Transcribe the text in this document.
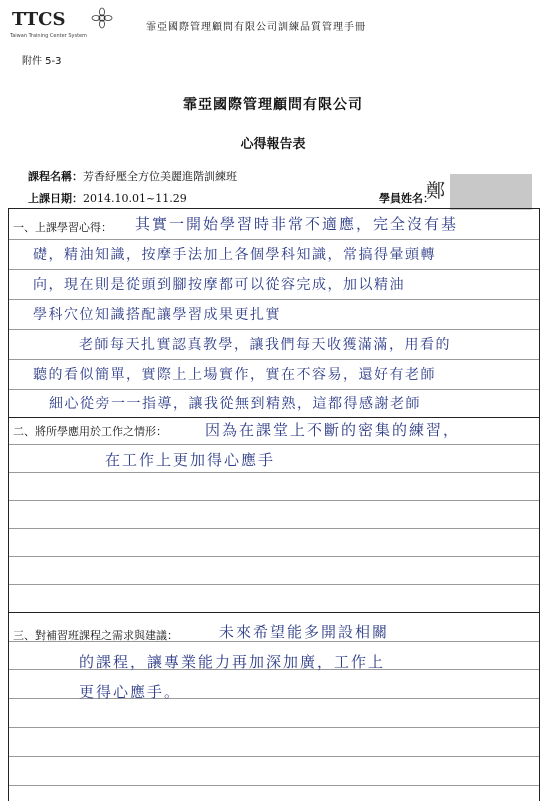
TTCS
Taiwan Training Center System
霏亞國際管理顧問有限公司 訓練品質管理手冊
附件 5-3
霏亞國際管理顧問有限公司
心得報告表
課程名稱：芳香紓壓全方位美麗進階訓練班
上課日期：2014.10.01~11.29	學員姓名：
鄭
一、上課學習心得： 其實一開始學習時非常不適應，完全沒有基
礎，精油知識，按摩手法加上各個學科知識，常搞得暈頭轉
向，現在則是從頭到腳按摩都可以從容完成，加以精油
學科穴位知識搭配讓學習成果更扎實
老師每天扎實認真教學，讓我們每天收獲滿滿，用看的
聽的看似簡單，實際上上場實作，實在不容易，還好有老師
細心從旁一一指導，讓我從無到精熟，這都得感謝老師
二、將所學應用於工作之情形：	因為在課堂上不斷的密集的練習，
在工作上更加得心應手
三、對補習班課程之需求與建議：	未來希望能多開設相關
的課程，讓專業能力再加深加廣，工作上
更得心應手。
